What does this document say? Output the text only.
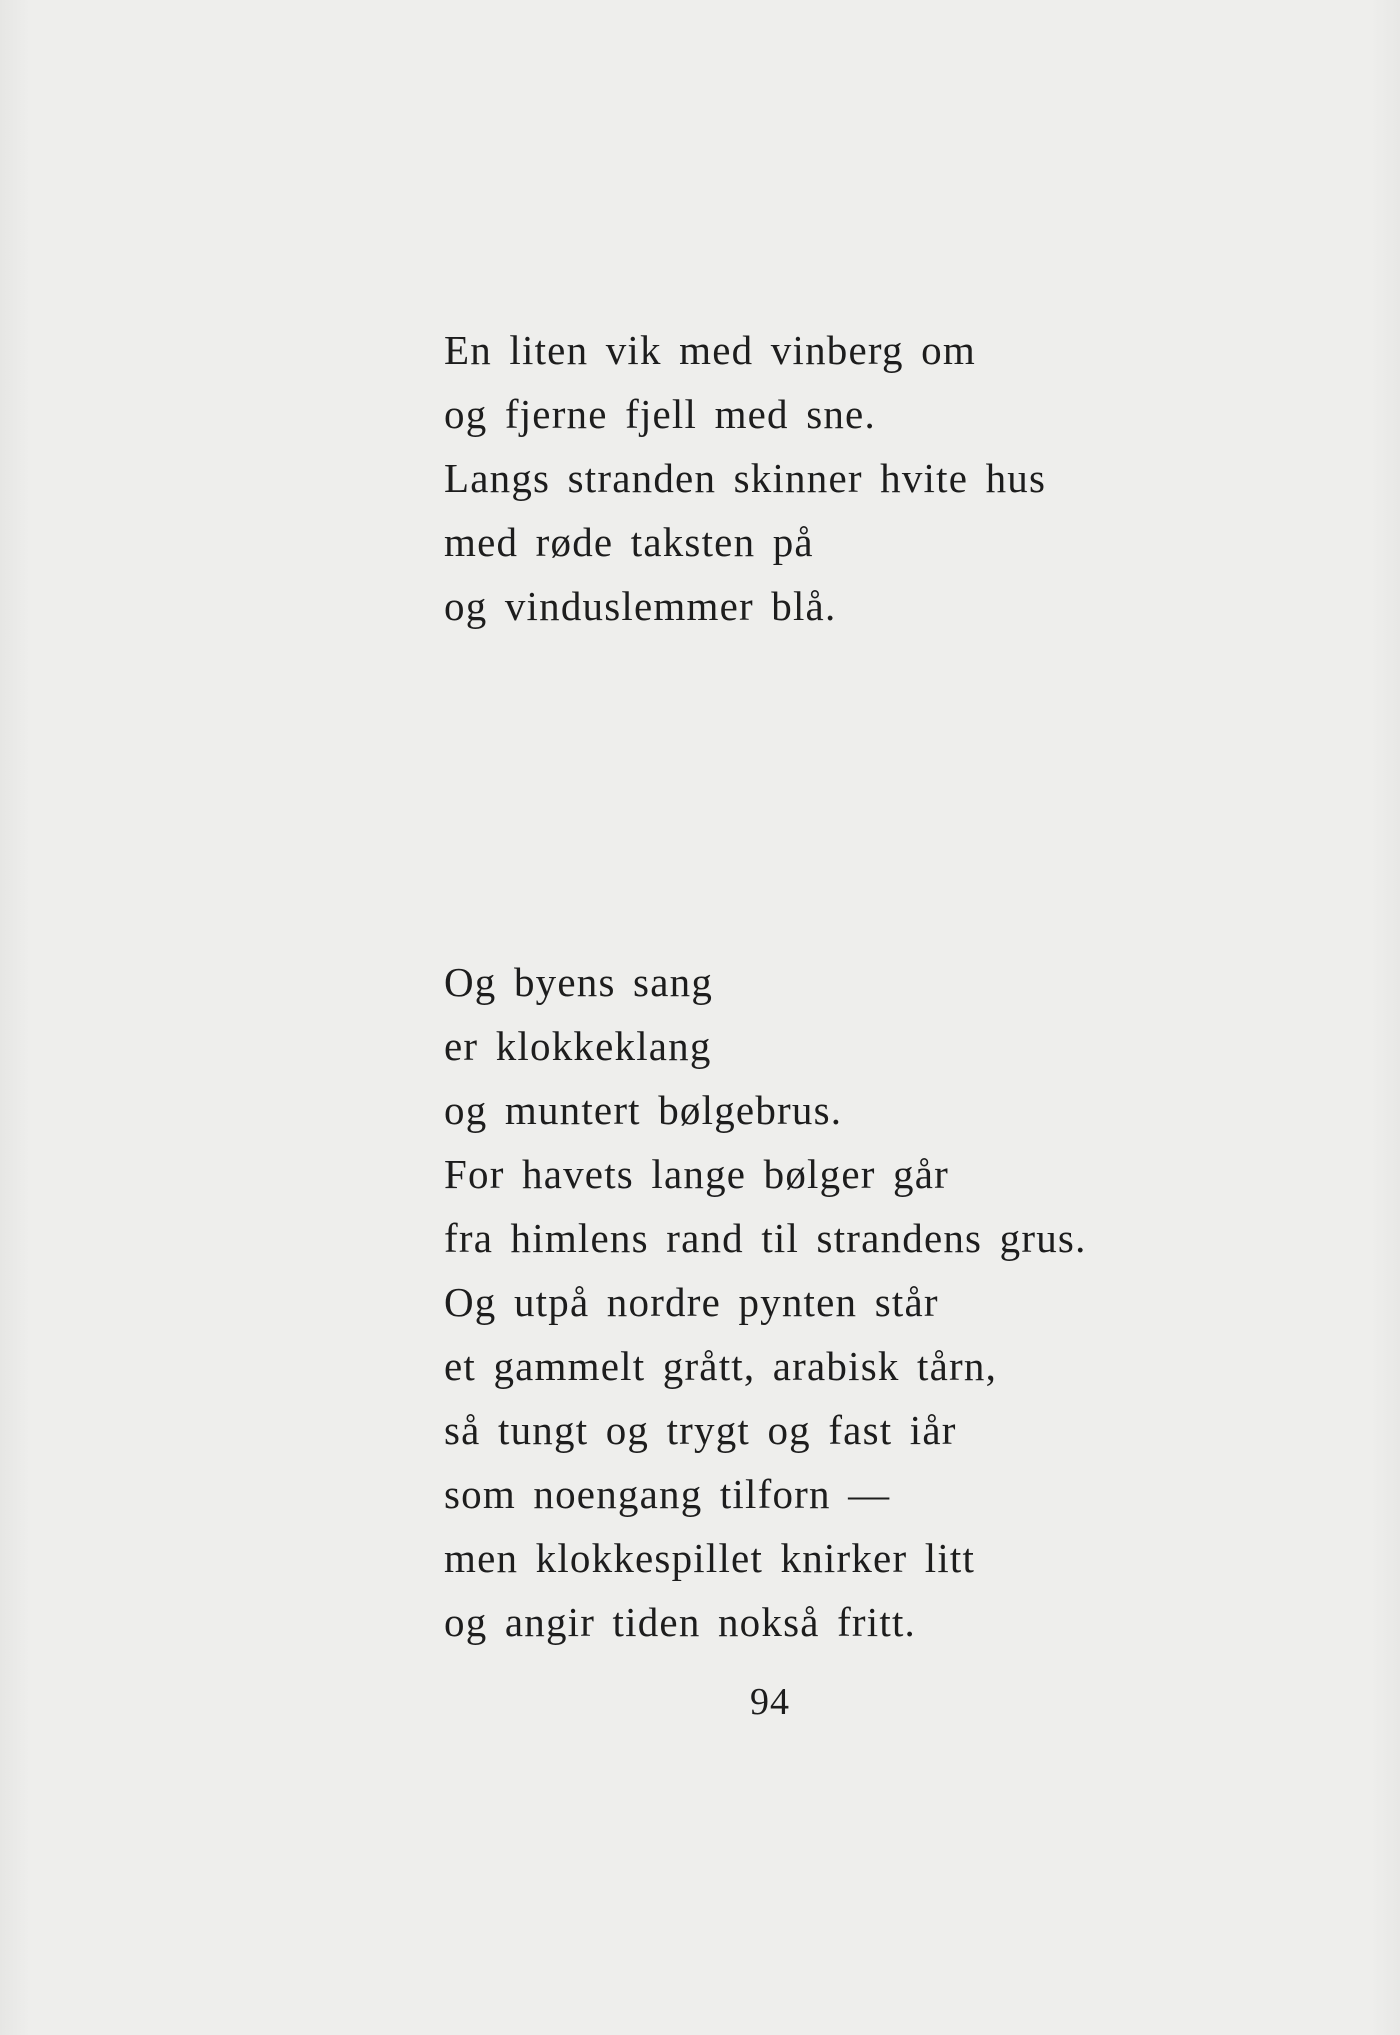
En liten vik med vinberg om
og fjerne fjell med sne.
Langs stranden skinner hvite hus
med røde taksten på
og vinduslemmer blå.
Og byens sang
er klokkeklang
og muntert bølgebrus.
For havets lange bølger går
fra himlens rand til strandens grus.
Og utpå nordre pynten står
et gammelt grått, arabisk tårn,
så tungt og trygt og fast iår
som noengang tilforn —
men klokkespillet knirker litt
og angir tiden nokså fritt.
94
